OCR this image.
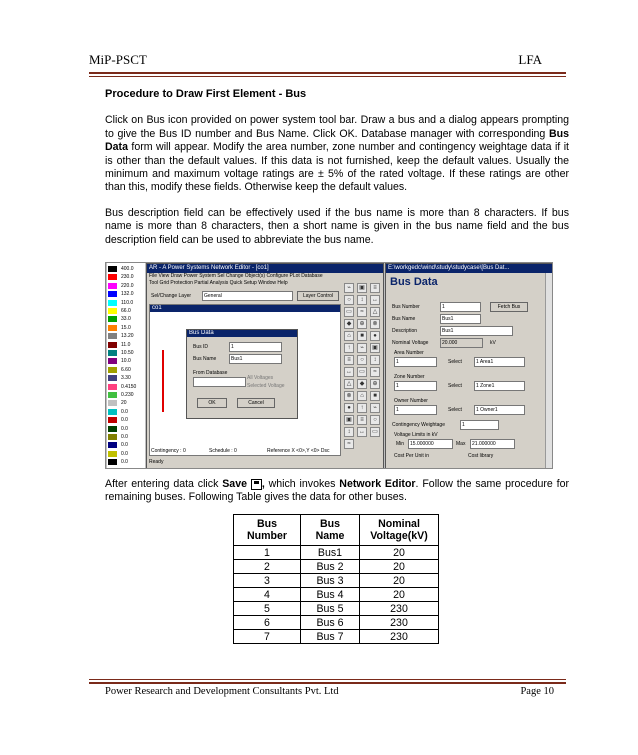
MiP-PSCT	LFA
Procedure to Draw First Element - Bus

Click on Bus icon provided on power system tool bar. Draw a bus and a dialog appears prompting to give the Bus ID number and Bus Name. Click OK. Database manager with corresponding Bus Data form will appear. Modify the area number, zone number and contingency weightage data if it is other than the default values. If this data is not furnished, keep the default values. Usually the minimum and maximum voltage ratings are ± 5% of the rated voltage. If these ratings are other than this, modify these fields. Otherwise keep the default values.

Bus description field can be effectively used if the bus name is more than 8 characters. If bus name is more than 8 characters, then a short name is given in the bus name field and the bus description field can be used to abbreviate the bus name.

400.0
230.0
220.0
132.0
110.0
66.0
33.0
15.0
13.20
11.0
10.50
10.0
6.60
3.30
0.4150
0.230
20
0.0
0.0
0.0
0.0
0.0
0.0
0.0
AR - A Power Systems Network Editor - [co1]
File View Draw Power System Sel Change Object(s) Configure PLot Database
Tool Grid Protection Partial Analysis Quick Setup Window Help
Sel/Change Layer	General	Layer Control
co1
Bus Data
Bus ID	1
Bus Name	Bus1
From Database
All Voltages
Selected Voltage
OK	Cancel
Contingency : 0	Schedule : 0	Reference X <0>,Y <0> Dsc
Ready
⌁	▣	≡
○	↕	↔
▭	≈	△
◆	⊕	⊗
⌂	■	●
↑	⌁	▣
≡	○	↕
↔	▭	≈
△	◆	⊕
⊗	⌂	■
●	↑	⌁
▣	≡	○
↕	↔	▭
≈
E:\workgedc\wind\study\studycase\[Bus Dat...
Bus Data
Bus Number	1	Fetch Bus
Bus Name	Bus1
Description	Bus1
Nominal Voltage	20.000	kV
Area Number
1	Select	1 Area1
Zone Number
1	Select	1 Zone1
Owner Number
1	Select	1 Owner1
Contingency Weightage	1
Voltage Limits in kV
Min	15.000000	Max	21.000000
Cost Per Unit in	Cost library
After entering data click Save , which invokes Network Editor. Follow the same procedure for remaining buses. Following Table gives the data for other buses.
Bus Number	Bus Name	Nominal Voltage(kV)
1	Bus1	20
2	Bus 2	20
3	Bus 3	20
4	Bus 4	20
5	Bus 5	230
6	Bus 6	230
7	Bus 7	230
Power Research and Development Consultants Pvt. Ltd	Page 10
